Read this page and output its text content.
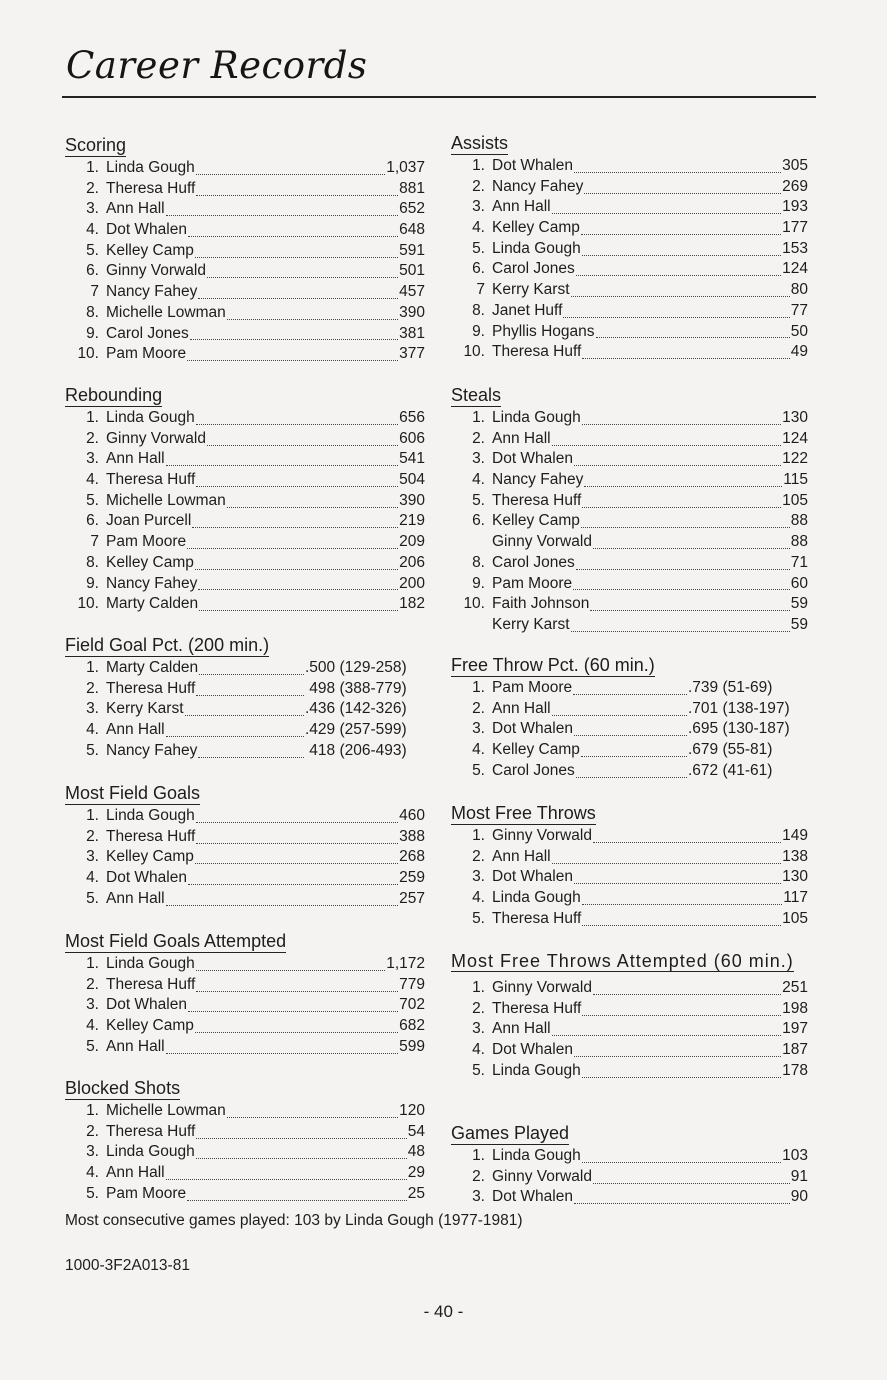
Career Records
Scoring
1. Linda Gough	1,037
2. Theresa Huff	881
3. Ann Hall	652
4. Dot Whalen	648
5. Kelley Camp	591
6. Ginny Vorwald	501
7 Nancy Fahey	457
8. Michelle Lowman	390
9. Carol Jones	381
10. Pam Moore	377
Rebounding
1. Linda Gough	656
2. Ginny Vorwald	606
3. Ann Hall	541
4. Theresa Huff	504
5. Michelle Lowman	390
6. Joan Purcell	219
7 Pam Moore	209
8. Kelley Camp	206
9. Nancy Fahey	200
10. Marty Calden	182
Field Goal Pct. (200 min.)
1. Marty Calden	.500 (129-258)
2. Theresa Huff	498 (388-779)
3. Kerry Karst	.436 (142-326)
4. Ann Hall	.429 (257-599)
5. Nancy Fahey	418 (206-493)
Most Field Goals
1. Linda Gough	460
2. Theresa Huff	388
3. Kelley Camp	268
4. Dot Whalen	259
5. Ann Hall	257
Most Field Goals Attempted
1. Linda Gough	1,172
2. Theresa Huff	779
3. Dot Whalen	702
4. Kelley Camp	682
5. Ann Hall	599
Blocked Shots
1. Michelle Lowman	120
2. Theresa Huff	54
3. Linda Gough	48
4. Ann Hall	29
5. Pam Moore	25
Assists
1. Dot Whalen	305
2. Nancy Fahey	269
3. Ann Hall	193
4. Kelley Camp	177
5. Linda Gough	153
6. Carol Jones	124
7 Kerry Karst	80
8. Janet Huff	77
9. Phyllis Hogans	50
10. Theresa Huff	49
Steals
1. Linda Gough	130
2. Ann Hall	124
3. Dot Whalen	122
4. Nancy Fahey	115
5. Theresa Huff	105
6. Kelley Camp	88
Ginny Vorwald	88
8. Carol Jones	71
9. Pam Moore	60
10. Faith Johnson	59
Kerry Karst	59
Free Throw Pct. (60 min.)
1. Pam Moore	.739 (51-69)
2. Ann Hall	.701 (138-197)
3. Dot Whalen	.695 (130-187)
4. Kelley Camp	.679 (55-81)
5. Carol Jones	.672 (41-61)
Most Free Throws
1. Ginny Vorwald	149
2. Ann Hall	138
3. Dot Whalen	130
4. Linda Gough	117
5. Theresa Huff	105
Most Free Throws Attempted (60 min.)
1. Ginny Vorwald	251
2. Theresa Huff	198
3. Ann Hall	197
4. Dot Whalen	187
5. Linda Gough	178
Games Played
1. Linda Gough	103
2. Ginny Vorwald	91
3. Dot Whalen	90
Most consecutive games played: 103 by Linda Gough (1977-1981)
1000-3F2A013-81
- 40 -
